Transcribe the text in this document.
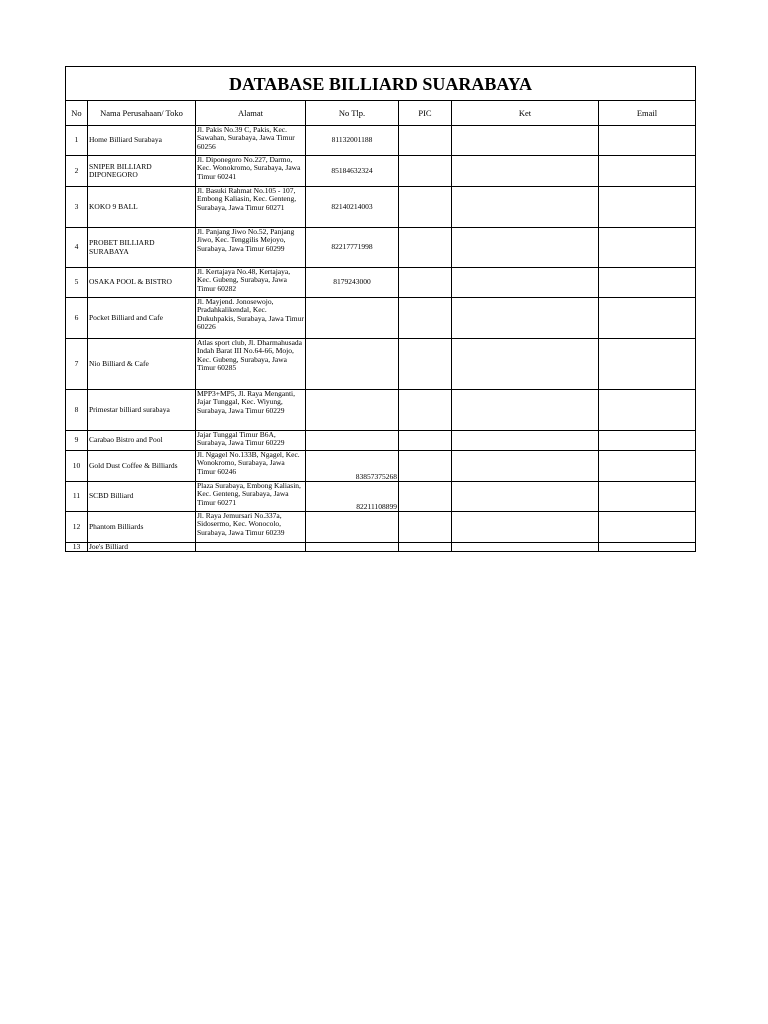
DATABASE BILLIARD SUARABAYA						
No	Nama Perusahaan/ Toko	Alamat	No Tlp.	PIC	Ket	Email
1	Home Billiard Surabaya	Jl. Pakis No.39 C, Pakis, Kec. Sawahan, Surabaya, Jawa Timur 60256	81132001188			
2	SNIPER BILLIARD DIPONEGORO	Jl. Diponegoro No.227, Darmo, Kec. Wonokromo, Surabaya, Jawa Timur 60241	85184632324			
3	KOKO 9 BALL	Jl. Basuki Rahmat No.105 - 107, Embong Kaliasin, Kec. Genteng, Surabaya, Jawa Timur 60271	82140214003			
4	PROBET BILLIARD SURABAYA	Jl. Panjang Jiwo No.52, Panjang Jiwo, Kec. Tenggilis Mejoyo, Surabaya, Jawa Timur 60299	82217771998			
5	OSAKA POOL & BISTRO	Jl. Kertajaya No.48, Kertajaya, Kec. Gubeng, Surabaya, Jawa Timur 60282	8179243000			
6	Pocket Billiard and Cafe	Jl. Mayjend. Jonosewojo, Pradahkalikendal, Kec. Dukuhpakis, Surabaya, Jawa Timur 60226				
7	Nio Billiard & Cafe	Atlas sport club, Jl. Dharmahusada Indah Barat III No.64-66, Mojo, Kec. Gubeng, Surabaya, Jawa Timur 60285				
8	Primestar billiard surabaya	MPP3+MP5, Jl. Raya Menganti, Jajar Tunggal, Kec. Wiyung, Surabaya, Jawa Timur 60229				
9	Carabao Bistro and Pool	Jajar Tunggal Timur B6A, Surabaya, Jawa Timur 60229				
10	Gold Dust Coffee & Billiards	Jl. Ngagel No.133B, Ngagel, Kec. Wonokromo, Surabaya, Jawa Timur 60246	83857375268			
11	SCBD Billiard	Plaza Surabaya, Embong Kaliasin, Kec. Genteng, Surabaya, Jawa Timur 60271	82211108899			
12	Phantom Billiards	Jl. Raya Jemursari No.337a, Sidosermo, Kec. Wonocolo, Surabaya, Jawa Timur 60239				
13	Joe's Billiard					
